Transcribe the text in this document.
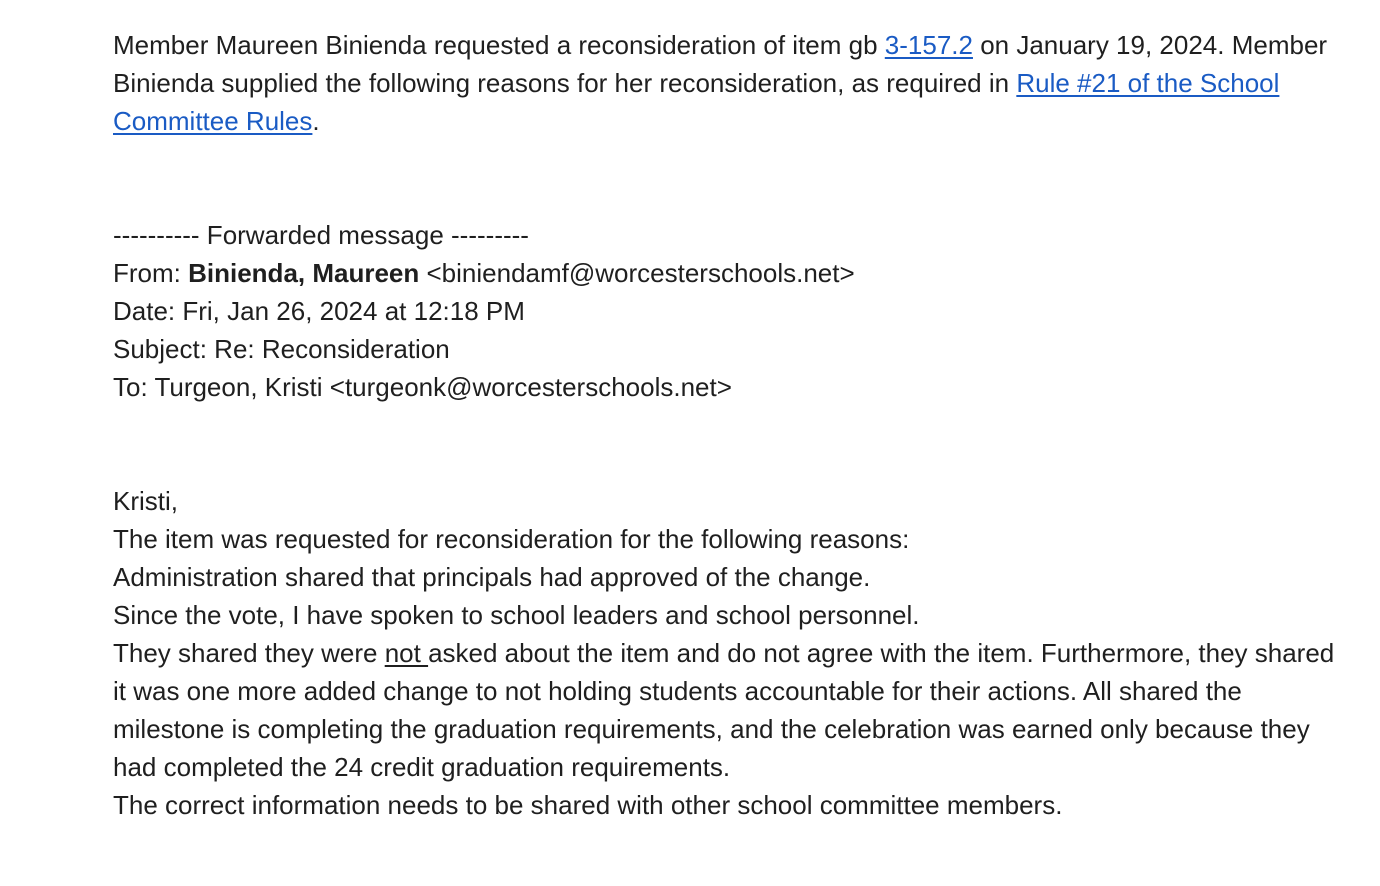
Member Maureen Binienda requested a reconsideration of item gb 3-157.2 on January 19, 2024. Member Binienda supplied the following reasons for her reconsideration, as required in Rule #21 of the School Committee Rules.

---------- Forwarded message ---------
From: Binienda, Maureen <biniendamf@worcesterschools.net>
Date: Fri, Jan 26, 2024 at 12:18 PM
Subject: Re: Reconsideration
To: Turgeon, Kristi <turgeonk@worcesterschools.net>
Kristi,
The item was requested for reconsideration for the following reasons:
Administration shared that principals had approved of the change.
Since the vote, I have spoken to school leaders and school personnel.

They shared they were not asked about the item and do not agree with the item. Furthermore, they shared it was one more added change to not holding students accountable for their actions. All shared the milestone is completing the graduation requirements, and the celebration was earned only because they had completed the 24 credit graduation requirements.

The correct information needs to be shared with other school committee members.
